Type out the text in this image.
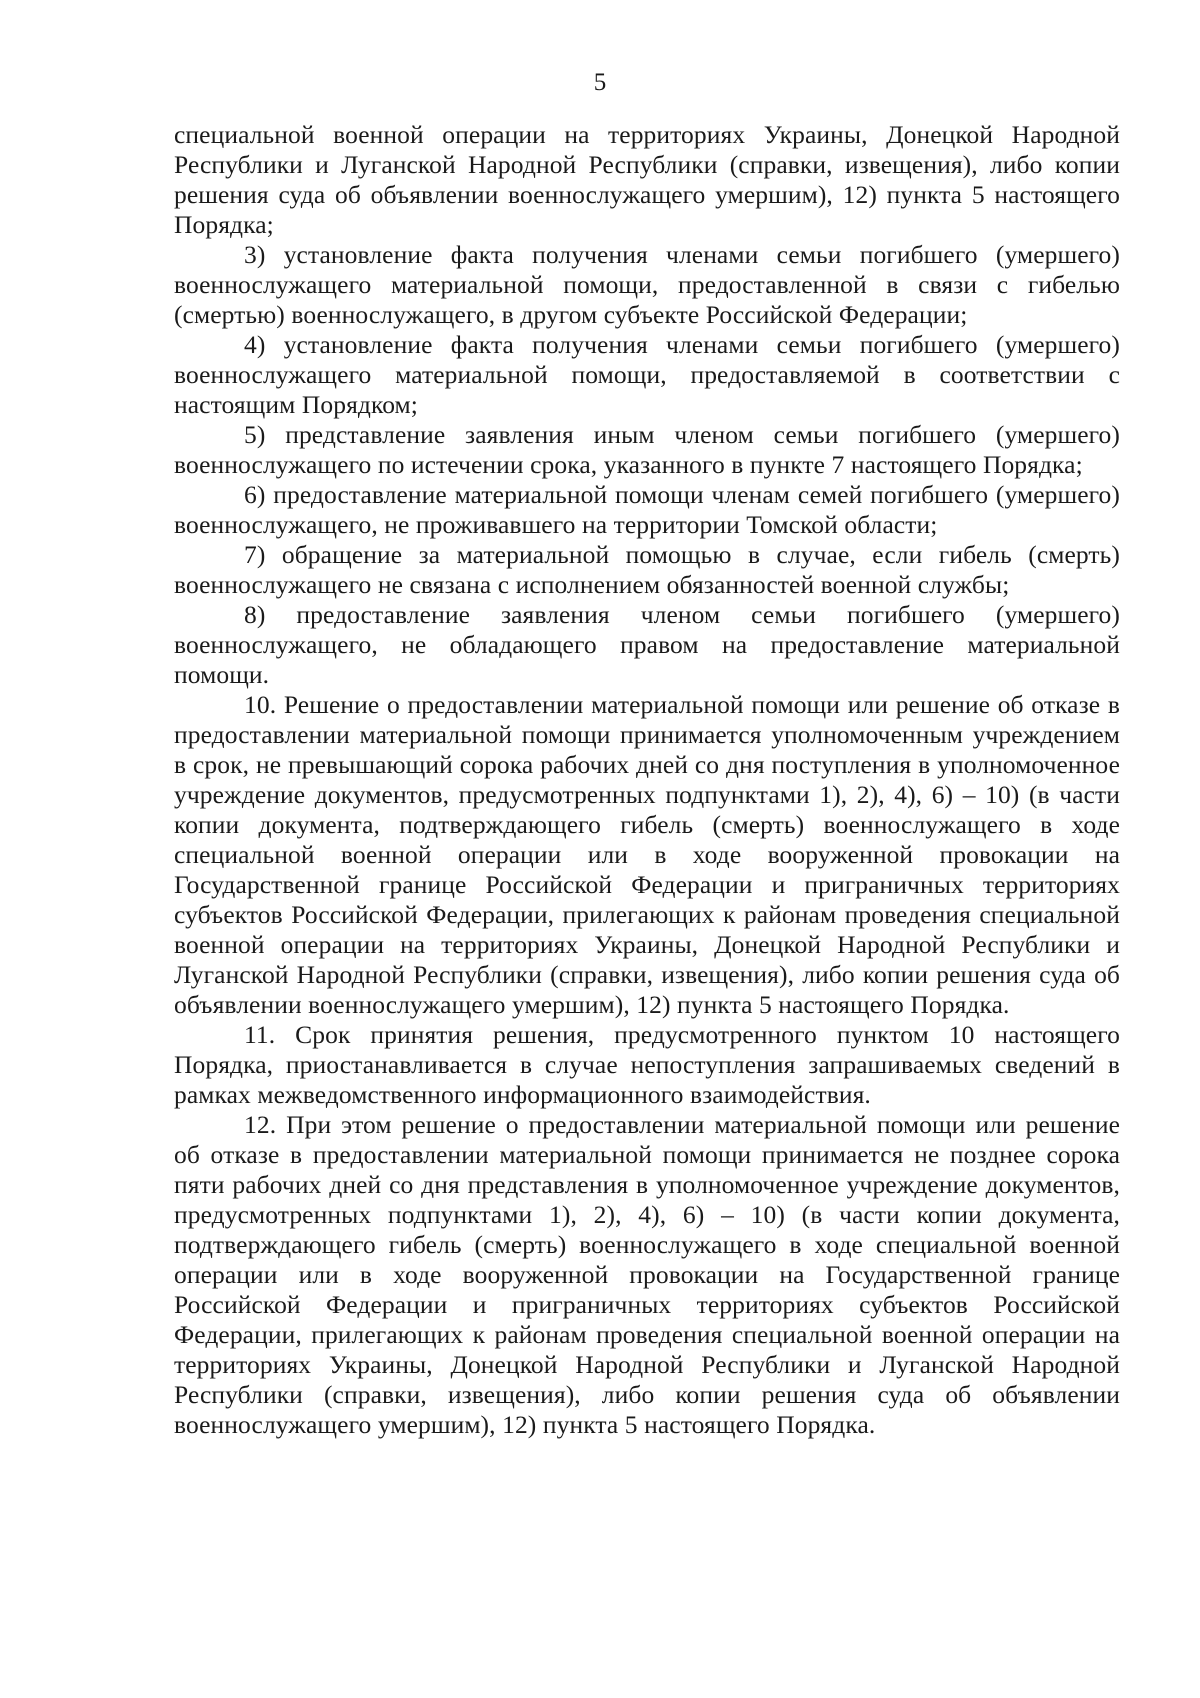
5

специальной военной операции на территориях Украины, Донецкой Народной Республики и Луганской Народной Республики (справки, извещения), либо копии решения суда об объявлении военнослужащего умершим), 12) пункта 5 настоящего Порядка;

3) установление факта получения членами семьи погибшего (умершего) военнослужащего материальной помощи, предоставленной в связи с гибелью (смертью) военнослужащего, в другом субъекте Российской Федерации;

4) установление факта получения членами семьи погибшего (умершего) военнослужащего материальной помощи, предоставляемой в соответствии с настоящим Порядком;

5) представление заявления иным членом семьи погибшего (умершего) военнослужащего по истечении срока, указанного в пункте 7 настоящего Порядка;

6) предоставление материальной помощи членам семей погибшего (умершего) военнослужащего, не проживавшего на территории Томской области;

7) обращение за материальной помощью в случае, если гибель (смерть) военнослужащего не связана с исполнением обязанностей военной службы;

8) предоставление заявления членом семьи погибшего (умершего) военнослужащего, не обладающего правом на предоставление материальной помощи.

10. Решение о предоставлении материальной помощи или решение об отказе в предоставлении материальной помощи принимается уполномоченным учреждением в срок, не превышающий сорока рабочих дней со дня поступления в уполномоченное учреждение документов, предусмотренных подпунктами 1), 2), 4), 6) – 10) (в части копии документа, подтверждающего гибель (смерть) военнослужащего в ходе специальной военной операции или в ходе вооруженной провокации на Государственной границе Российской Федерации и приграничных территориях субъектов Российской Федерации, прилегающих к районам проведения специальной военной операции на территориях Украины, Донецкой Народной Республики и Луганской Народной Республики (справки, извещения), либо копии решения суда об объявлении военнослужащего умершим), 12) пункта 5 настоящего Порядка.

11. Срок принятия решения, предусмотренного пунктом 10 настоящего Порядка, приостанавливается в случае непоступления запрашиваемых сведений в рамках межведомственного информационного взаимодействия.

12. При этом решение о предоставлении материальной помощи или решение об отказе в предоставлении материальной помощи принимается не позднее сорока пяти рабочих дней со дня представления в уполномоченное учреждение документов, предусмотренных подпунктами 1), 2), 4), 6) – 10) (в части копии документа, подтверждающего гибель (смерть) военнослужащего в ходе специальной военной операции или в ходе вооруженной провокации на Государственной границе Российской Федерации и приграничных территориях субъектов Российской Федерации, прилегающих к районам проведения специальной военной операции на территориях Украины, Донецкой Народной Республики и Луганской Народной Республики (справки, извещения), либо копии решения суда об объявлении военнослужащего умершим), 12) пункта 5 настоящего Порядка.
